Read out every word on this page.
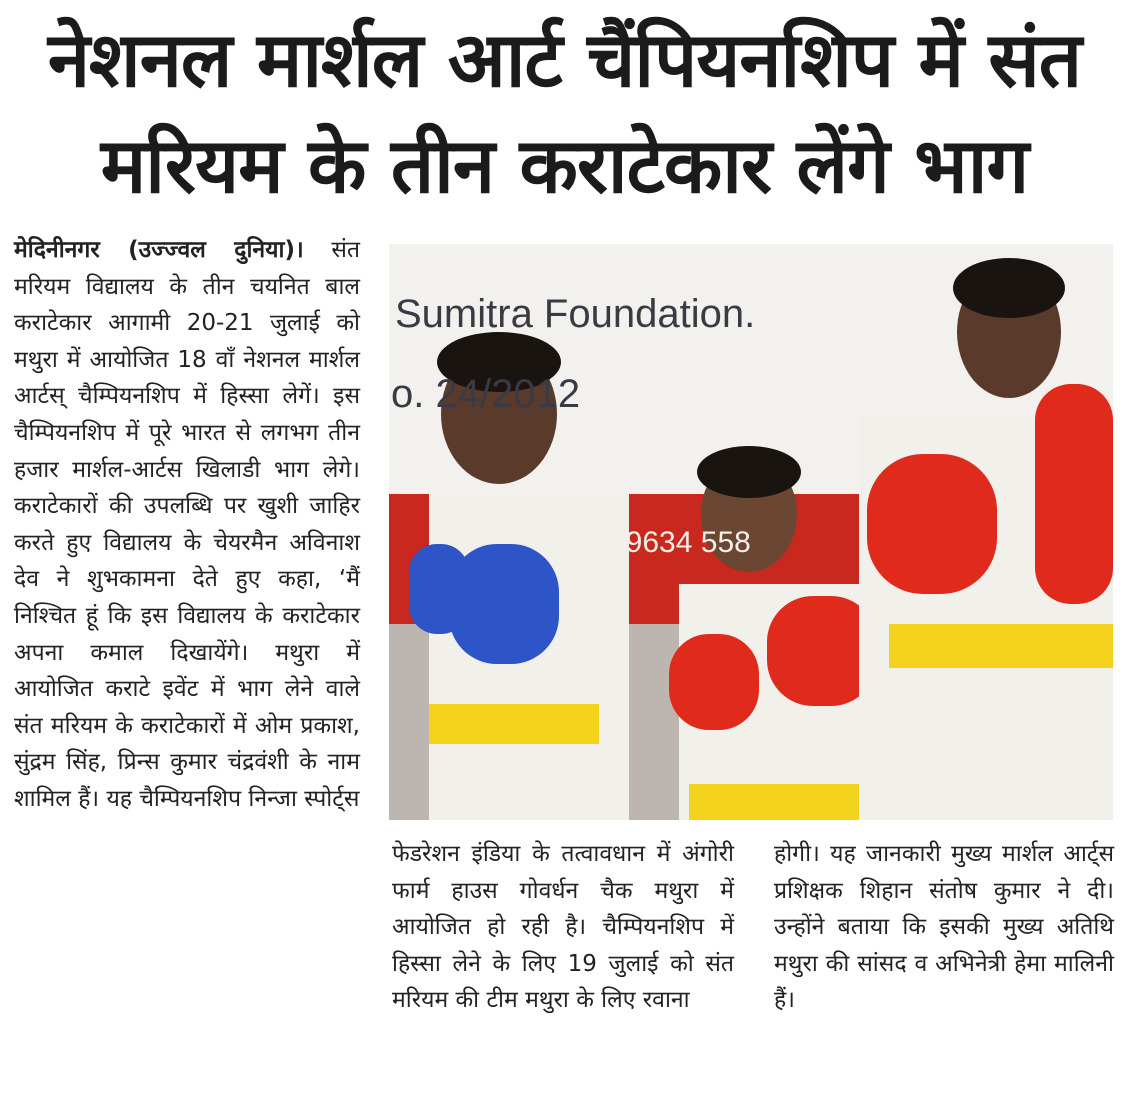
नेशनल मार्शल आर्ट चैंपियनशिप में संत
मरियम के तीन कराटेकार लेंगे भाग

मेदिनीनगर (उज्ज्वल दुनिया)। संत मरियम विद्यालय के तीन चयनित बाल कराटेकार आगामी 20-21 जुलाई को मथुरा में आयोजित 18 वाँ नेशनल मार्शल आर्टस् चैम्पियनशिप में हिस्सा लेगें। इस चैम्पियनशिप में पूरे भारत से लगभग तीन हजार मार्शल-आर्टस खिलाडी भाग लेगे। कराटेकारों की उपलब्धि पर खुशी जाहिर करते हुए विद्यालय के चेयरमैन अविनाश देव ने शुभकामना देते हुए कहा, ‘मैं निश्चित हूं कि इस विद्यालय के कराटेकार अपना कमाल दिखायेंगे। मथुरा में आयोजित कराटे इवेंट में भाग लेने वाले संत मरियम के कराटेकारों में ओम प्रकाश, सुंद्रम सिंह, प्रिन्स कुमार चंद्रवंशी के नाम शामिल हैं। यह चैम्पियनशिप निन्जा स्पोर्ट्स

Sumitra Foundation.
o. 24/2012
79634 558

फेडरेशन इंडिया के तत्वावधान में अंगोरी फार्म हाउस गोवर्धन चैक मथुरा में आयोजित हो रही है। चैम्पियनशिप में हिस्सा लेने के लिए 19 जुलाई को संत मरियम की टीम मथुरा के लिए रवाना

होगी। यह जानकारी मुख्य मार्शल आर्ट्स प्रशिक्षक शिहान संतोष कुमार ने दी। उन्होंने बताया कि इसकी मुख्य अतिथि मथुरा की सांसद व अभिनेत्री हेमा मालिनी हैं।
